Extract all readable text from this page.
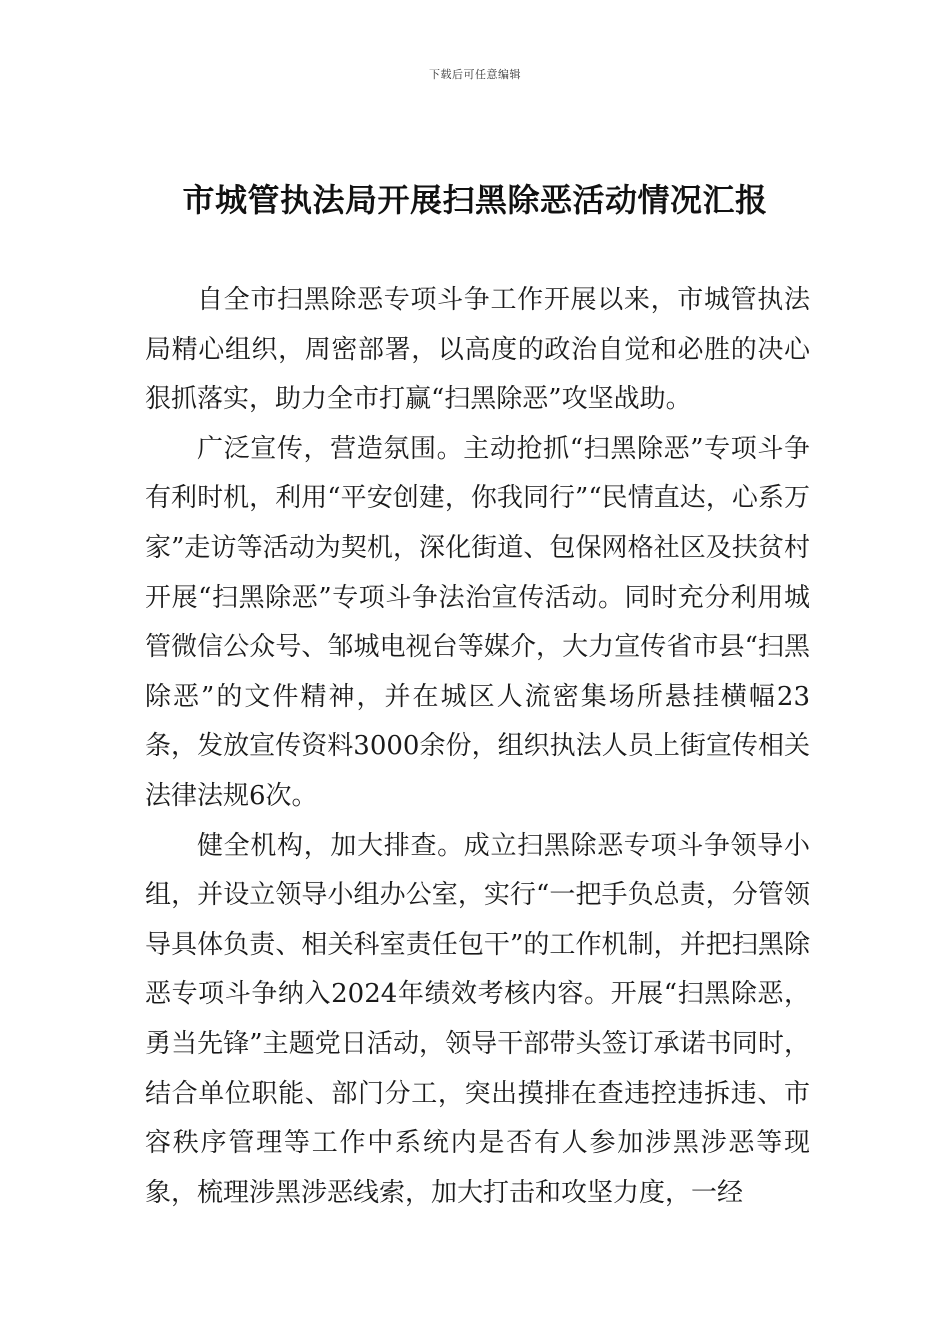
下载后可任意编辑
市城管执法局开展扫黑除恶活动情况汇报

自全市扫黑除恶专项斗争工作开展以来，市城管执法局精心组织，周密部署，以高度的政治自觉和必胜的决心狠抓落实，助力全市打赢“扫黑除恶”攻坚战助。

广泛宣传，营造氛围。主动抢抓“扫黑除恶”专项斗争有利时机，利用“平安创建，你我同行”“民情直达，心系万家”走访等活动为契机，深化街道、包保网格社区及扶贫村开展“扫黑除恶”专项斗争法治宣传活动。同时充分利用城管微信公众号、邹城电视台等媒介，大力宣传省市县“扫黑除恶”的文件精神，并在城区人流密集场所悬挂横幅23条，发放宣传资料3000余份，组织执法人员上街宣传相关法律法规6次。

健全机构，加大排查。成立扫黑除恶专项斗争领导小组，并设立领导小组办公室，实行“一把手负总责，分管领导具体负责、相关科室责任包干”的工作机制，并把扫黑除恶专项斗争纳入2024年绩效考核内容。开展“扫黑除恶，勇当先锋”主题党日活动，领导干部带头签订承诺书同时，结合单位职能、部门分工，突出摸排在查违控违拆违、市容秩序管理等工作中系统内是否有人参加涉黑涉恶等现象，梳理涉黑涉恶线索，加大打击和攻坚力度，一经
